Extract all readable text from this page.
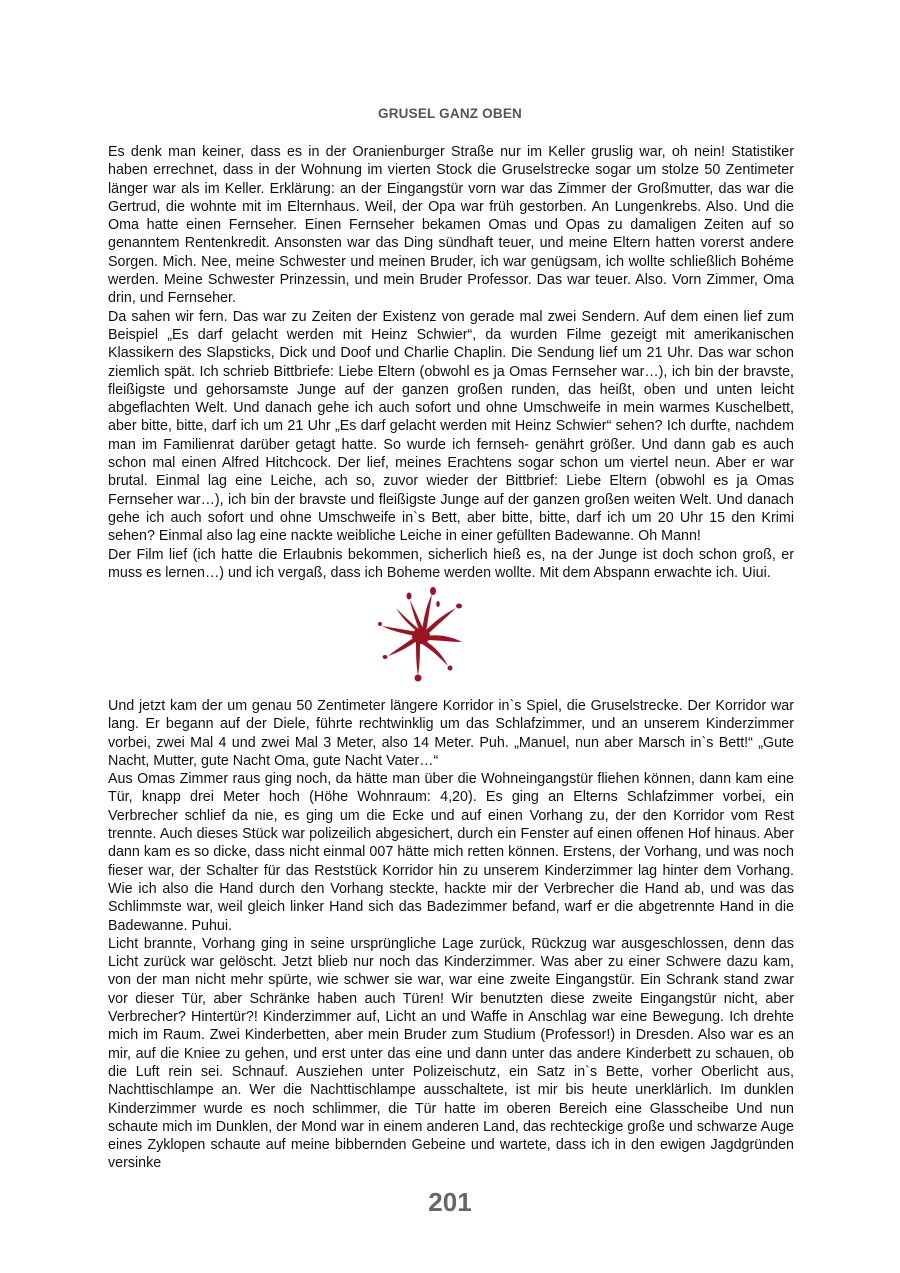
GRUSEL GANZ OBEN

Es denk man keiner, dass es in der Oranienburger Straße nur im Keller gruslig war, oh nein! Statistiker haben errechnet, dass in der Wohnung im vierten Stock die Gruselstrecke sogar um stolze 50 Zentimeter länger war als im Keller. Erklärung: an der Eingangstür vorn war das Zimmer der Großmutter, das war die Gertrud, die wohnte mit im Elternhaus. Weil, der Opa war früh gestorben. An Lungenkrebs. Also. Und die Oma hatte einen Fernseher. Einen Fernseher bekamen Omas und Opas zu damaligen Zeiten auf so genanntem Rentenkredit. Ansonsten war das Ding sündhaft teuer, und meine Eltern hatten vorerst andere Sorgen. Mich. Nee, meine Schwester und meinen Bruder, ich war genügsam, ich wollte schließlich Bohéme werden. Meine Schwester Prinzessin, und mein Bruder Professor. Das war teuer. Also. Vorn Zimmer, Oma drin, und Fernseher.

Da sahen wir fern. Das war zu Zeiten der Existenz von gerade mal zwei Sendern. Auf dem einen lief zum Beispiel „Es darf gelacht werden mit Heinz Schwier“, da wurden Filme gezeigt mit amerikanischen Klassikern des Slapsticks, Dick und Doof und Charlie Chaplin. Die Sendung lief um 21 Uhr. Das war schon ziemlich spät. Ich schrieb Bittbriefe: Liebe Eltern (obwohl es ja Omas Fernseher war…), ich bin der bravste, fleißigste und gehorsamste Junge auf der ganzen großen runden, das heißt, oben und unten leicht abgeflachten Welt. Und danach gehe ich auch sofort und ohne Umschweife in mein warmes Kuschelbett, aber bitte, bitte, darf ich um 21 Uhr „Es darf gelacht werden mit Heinz Schwier“ sehen? Ich durfte, nachdem man im Familienrat darüber getagt hatte. So wurde ich fernseh- genährt größer. Und dann gab es auch schon mal einen Alfred Hitchcock. Der lief, meines Erachtens sogar schon um viertel neun. Aber er war brutal. Einmal lag eine Leiche, ach so, zuvor wieder der Bittbrief: Liebe Eltern (obwohl es ja Omas Fernseher war…), ich bin der bravste und fleißigste Junge auf der ganzen großen weiten Welt. Und danach gehe ich auch sofort und ohne Umschweife in`s Bett, aber bitte, bitte, darf ich um 20 Uhr 15 den Krimi sehen? Einmal also lag eine nackte weibliche Leiche in einer gefüllten Badewanne. Oh Mann!

Der Film lief (ich hatte die Erlaubnis bekommen, sicherlich hieß es, na der Junge ist doch schon groß, er muss es lernen…) und ich vergaß, dass ich Boheme werden wollte. Mit dem Abspann erwachte ich. Uiui.

Und jetzt kam der um genau 50 Zentimeter längere Korridor in`s Spiel, die Gruselstrecke. Der Korridor war lang. Er begann auf der Diele, führte rechtwinklig um das Schlafzimmer, und an unserem Kinderzimmer vorbei, zwei Mal 4 und zwei Mal 3 Meter, also 14 Meter. Puh. „Manuel, nun aber Marsch in`s Bett!“ „Gute Nacht, Mutter, gute Nacht Oma, gute Nacht Vater…“

Aus Omas Zimmer raus ging noch, da hätte man über die Wohneingangstür fliehen können, dann kam eine Tür, knapp drei Meter hoch (Höhe Wohnraum: 4,20). Es ging an Elterns Schlafzimmer vorbei, ein Verbrecher schlief da nie, es ging um die Ecke und auf einen Vorhang zu, der den Korridor vom Rest trennte. Auch dieses Stück war polizeilich abgesichert, durch ein Fenster auf einen offenen Hof hinaus. Aber dann kam es so dicke, dass nicht einmal 007 hätte mich retten können. Erstens, der Vorhang, und was noch fieser war, der Schalter für das Reststück Korridor hin zu unserem Kinderzimmer lag hinter dem Vorhang. Wie ich also die Hand durch den Vorhang steckte, hackte mir der Verbrecher die Hand ab, und was das Schlimmste war, weil gleich linker Hand sich das Badezimmer befand, warf er die abgetrennte Hand in die Badewanne. Puhui.

Licht brannte, Vorhang ging in seine ursprüngliche Lage zurück, Rückzug war ausgeschlossen, denn das Licht zurück war gelöscht. Jetzt blieb nur noch das Kinderzimmer. Was aber zu einer Schwere dazu kam, von der man nicht mehr spürte, wie schwer sie war, war eine zweite Eingangstür. Ein Schrank stand zwar vor dieser Tür, aber Schränke haben auch Türen! Wir benutzten diese zweite Eingangstür nicht, aber Verbrecher? Hintertür?! Kinderzimmer auf, Licht an und Waffe in Anschlag war eine Bewegung. Ich drehte mich im Raum. Zwei Kinderbetten, aber mein Bruder zum Studium (Professor!) in Dresden. Also war es an mir, auf die Kniee zu gehen, und erst unter das eine und dann unter das andere Kinderbett zu schauen, ob die Luft rein sei. Schnauf. Ausziehen unter Polizeischutz, ein Satz in`s Bette, vorher Oberlicht aus, Nachttischlampe an. Wer die Nachttischlampe ausschaltete, ist mir bis heute unerklärlich. Im dunklen Kinderzimmer wurde es noch schlimmer, die Tür hatte im oberen Bereich eine Glasscheibe Und nun schaute mich im Dunklen, der Mond war in einem anderen Land, das rechteckige große und schwarze Auge eines Zyklopen schaute auf meine bibbernden Gebeine und wartete, dass ich in den ewigen Jagdgründen versinke

201
